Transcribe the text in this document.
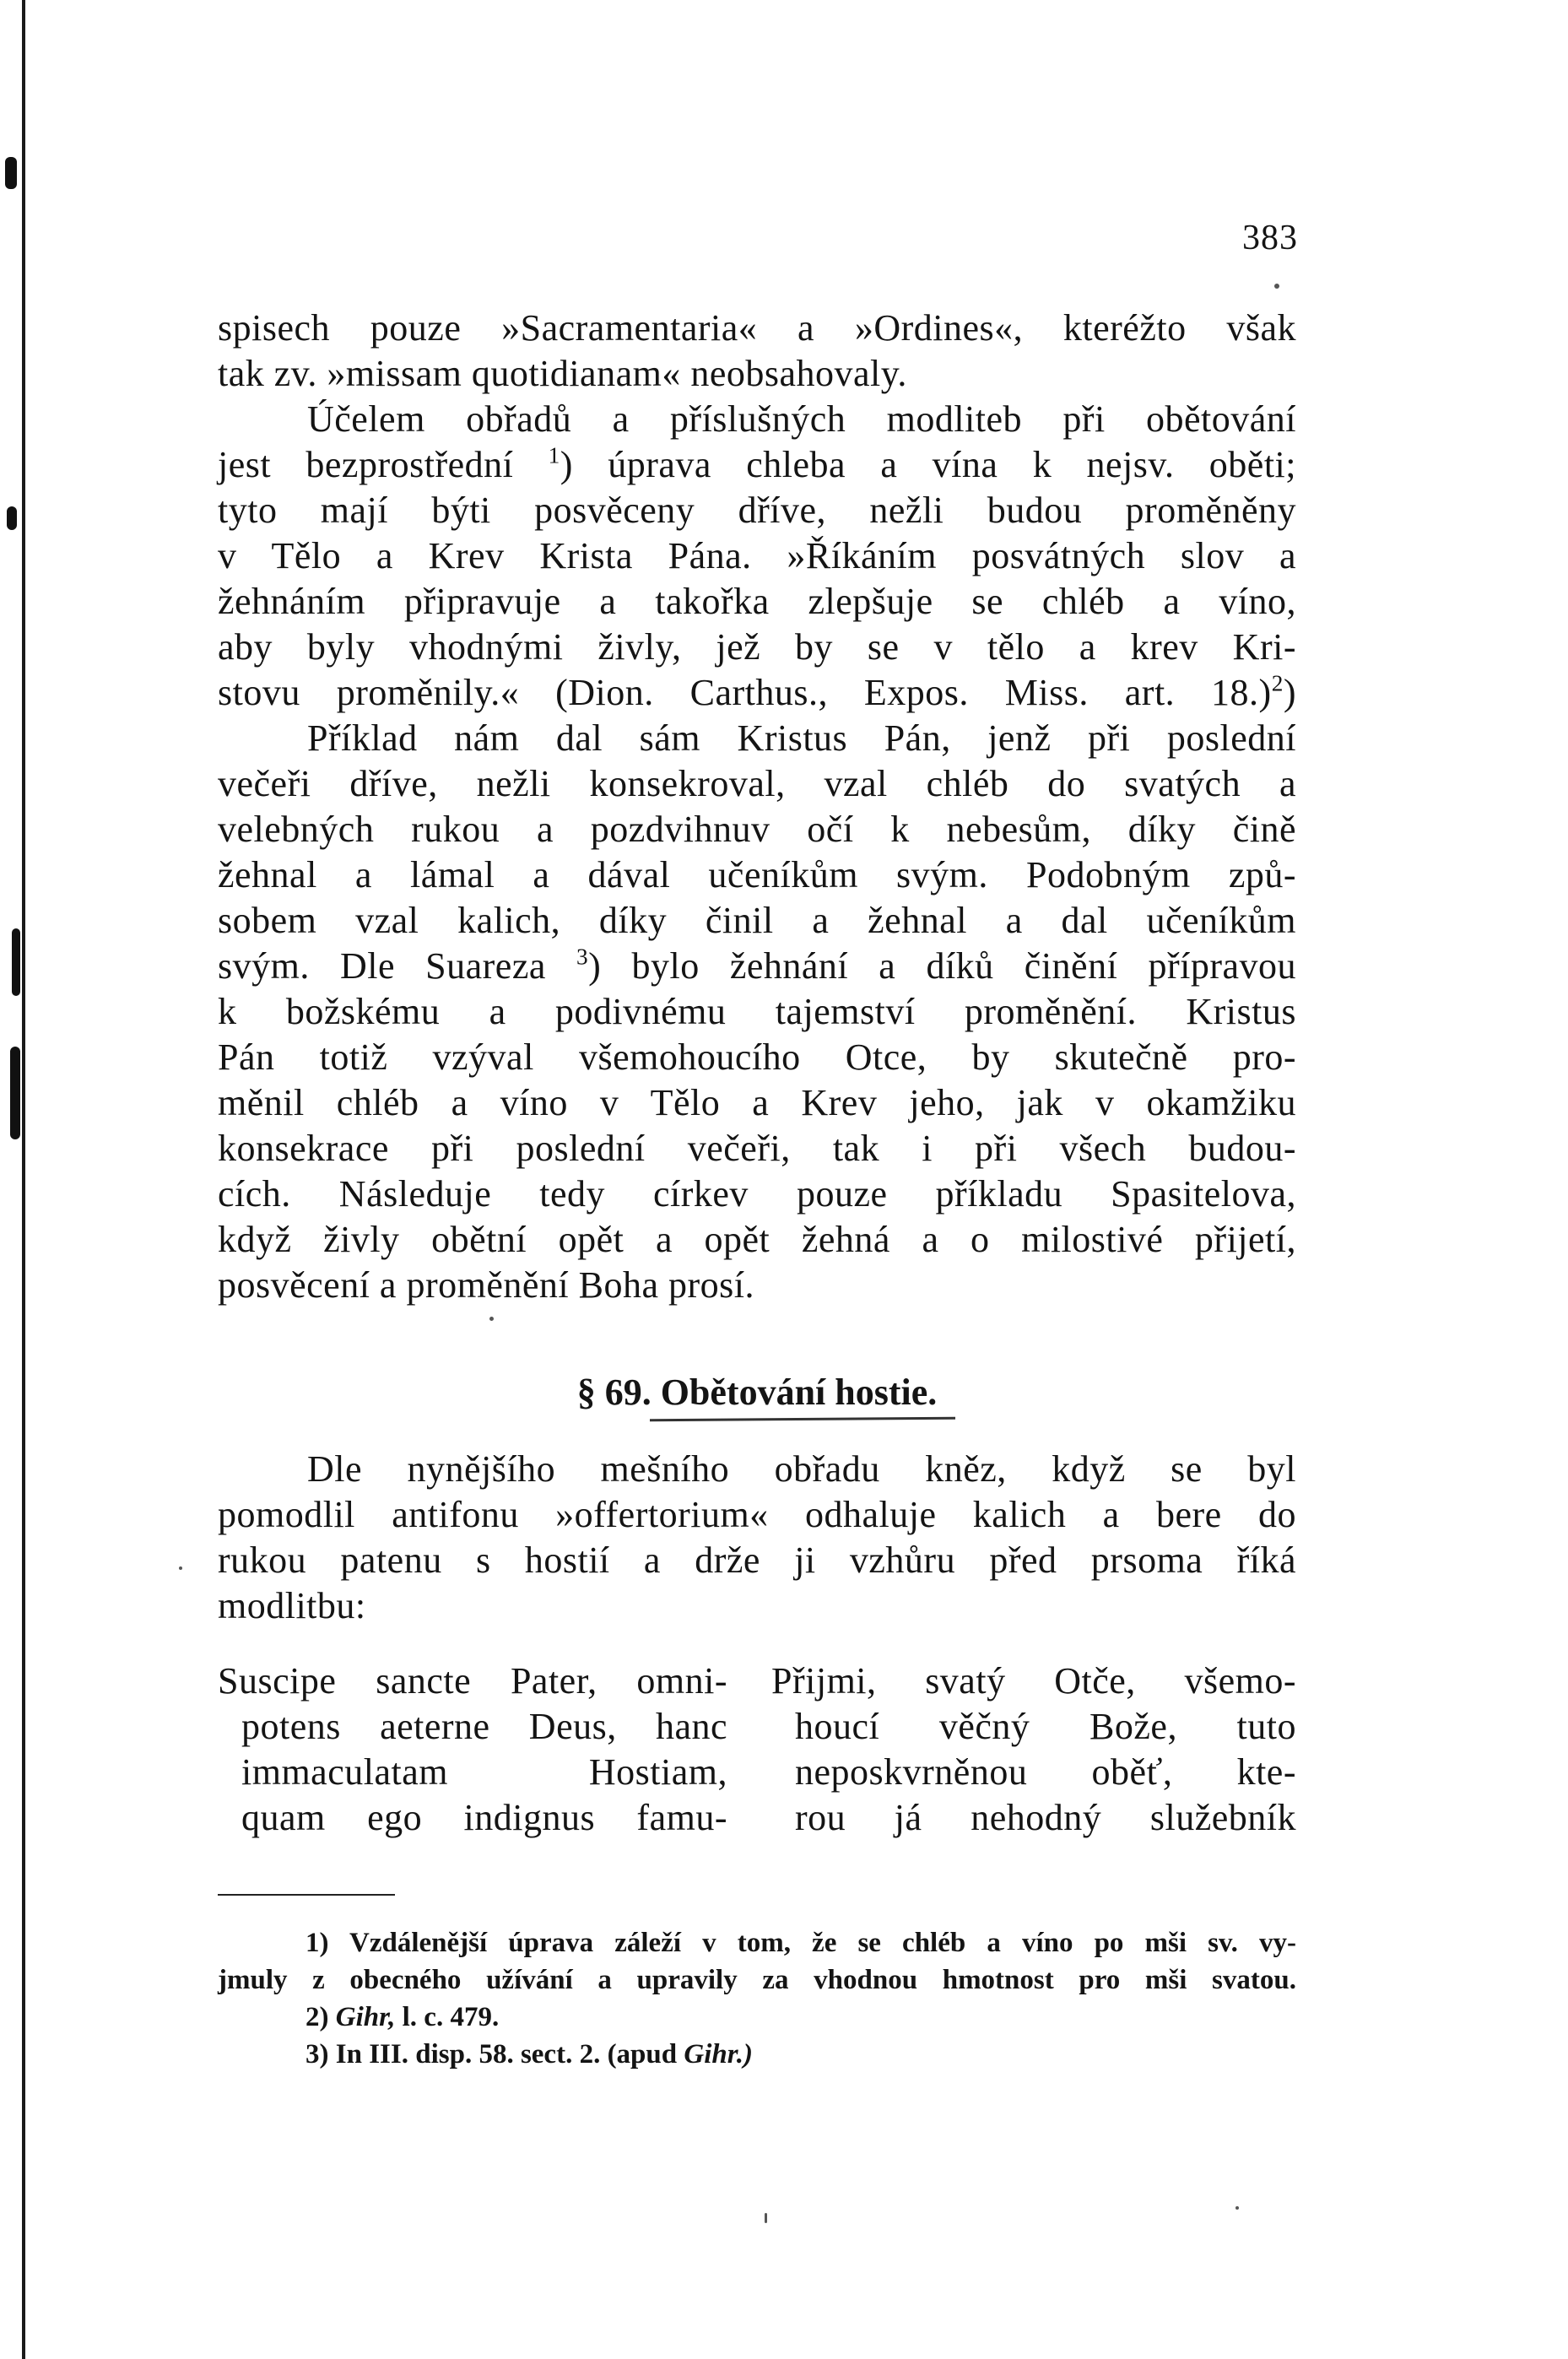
383
spisech pouze »Sacramentaria« a »Ordines«, kteréžto však
tak zv. »missam quotidianam« neobsahovaly.
Účelem obřadů a příslušných modliteb při obětování
jest bezprostřední $^1$) úprava chleba a vína k nejsv. oběti;
tyto mají býti posvěceny dříve, nežli budou proměněny
v Tělo a Krev Krista Pána. »Říkáním posvátných slov a
žehnáním připravuje a takořka zlepšuje se chléb a víno,
aby byly vhodnými živly, jež by se v tělo a krev Kri-
stovu proměnily.« (Dion. Carthus., Expos. Miss. art. 18.)$^2$)
Příklad nám dal sám Kristus Pán, jenž při poslední
večeři dříve, nežli konsekroval, vzal chléb do svatých a
velebných rukou a pozdvihnuv očí k nebesům, díky čině
žehnal a lámal a dával učeníkům svým. Podobným způ-
sobem vzal kalich, díky činil a žehnal a dal učeníkům
svým. Dle Suareza $^3$) bylo žehnání a díků činění přípravou
k božskému a podivnému tajemství proměnění. Kristus
Pán totiž vzýval všemohoucího Otce, by skutečně pro-
měnil chléb a víno v Tělo a Krev jeho, jak v okamžiku
konsekrace při poslední večeři, tak i při všech budou-
cích. Následuje tedy církev pouze příkladu Spasitelova,
když živly obětní opět a opět žehná a o milostivé přijetí,
posvěcení a proměnění Boha prosí.
§ 69. Obětování hostie.
Dle nynějšího mešního obřadu kněz, když se byl
pomodlil antifonu »offertorium« odhaluje kalich a bere do
rukou patenu s hostií a drže ji vzhůru před prsoma říká
modlitbu:
Suscipe sancte Pater, omni-
potens aeterne Deus, hanc
immaculatam Hostiam,
quam ego indignus famu-
Přijmi, svatý Otče, všemo-
houcí věčný Bože, tuto
neposkvrněnou oběť, kte-
rou já nehodný služebník
1) Vzdálenější úprava záleží v tom, že se chléb a víno po mši sv. vy-
jmuly z obecného užívání a upravily za vhodnou hmotnost pro mši svatou.
2) Gihr, l. c. 479.
3) In III. disp. 58. sect. 2. (apud Gihr.)
